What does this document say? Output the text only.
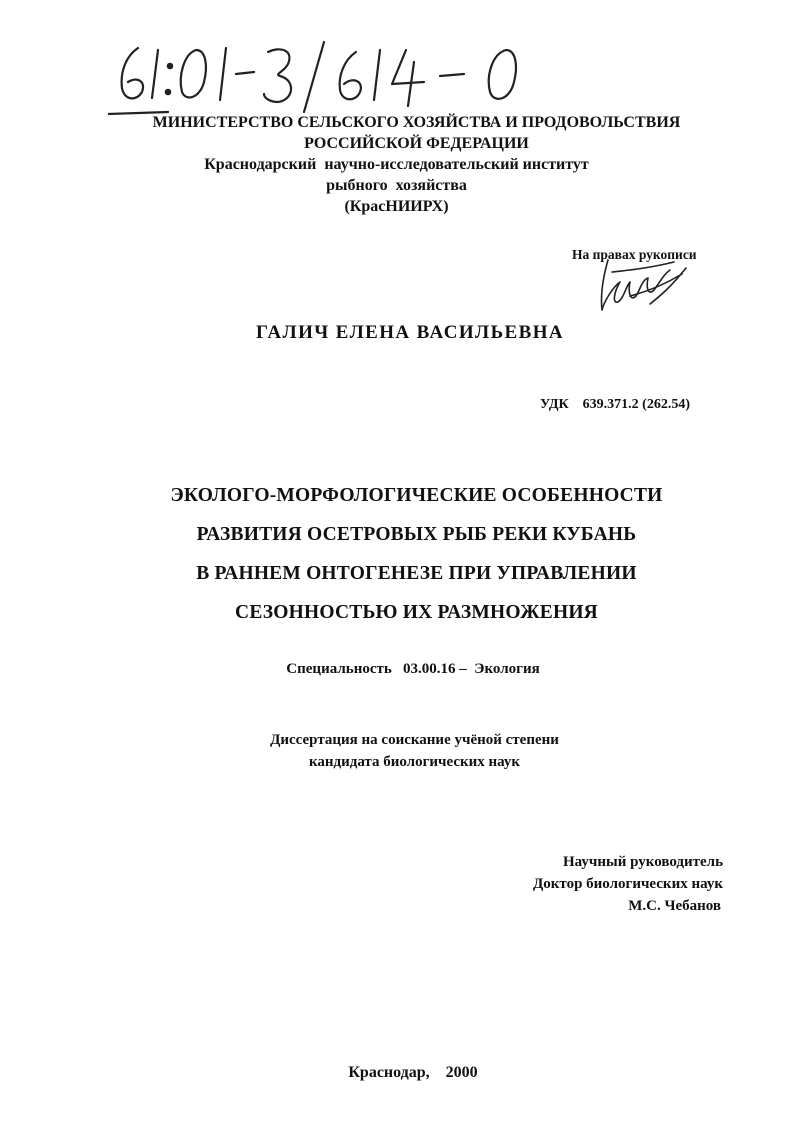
МИНИСТЕРСТВО СЕЛЬСКОГО ХОЗЯЙСТВА И ПРОДОВОЛЬСТВИЯ
РОССИЙСКОЙ ФЕДЕРАЦИИ
Краснодарский  научно-исследовательский институт
рыбного  хозяйства
(КрасНИИРХ)
На правах рукописи
ГАЛИЧ ЕЛЕНА ВАСИЛЬЕВНА
УДК 639.371.2 (262.54)
ЭКОЛОГО-МОРФОЛОГИЧЕСКИЕ ОСОБЕННОСТИ
РАЗВИТИЯ ОСЕТРОВЫХ РЫБ РЕКИ КУБАНЬ
В РАННЕМ ОНТОГЕНЕЗЕ ПРИ УПРАВЛЕНИИ
СЕЗОННОСТЬЮ ИХ РАЗМНОЖЕНИЯ
Специальность   03.00.16 –  Экология
Диссертация на соискание учёной степени
кандидата биологических наук
Научный руководитель
Доктор биологических наук
М.С. Чебанов
Краснодар,    2000
